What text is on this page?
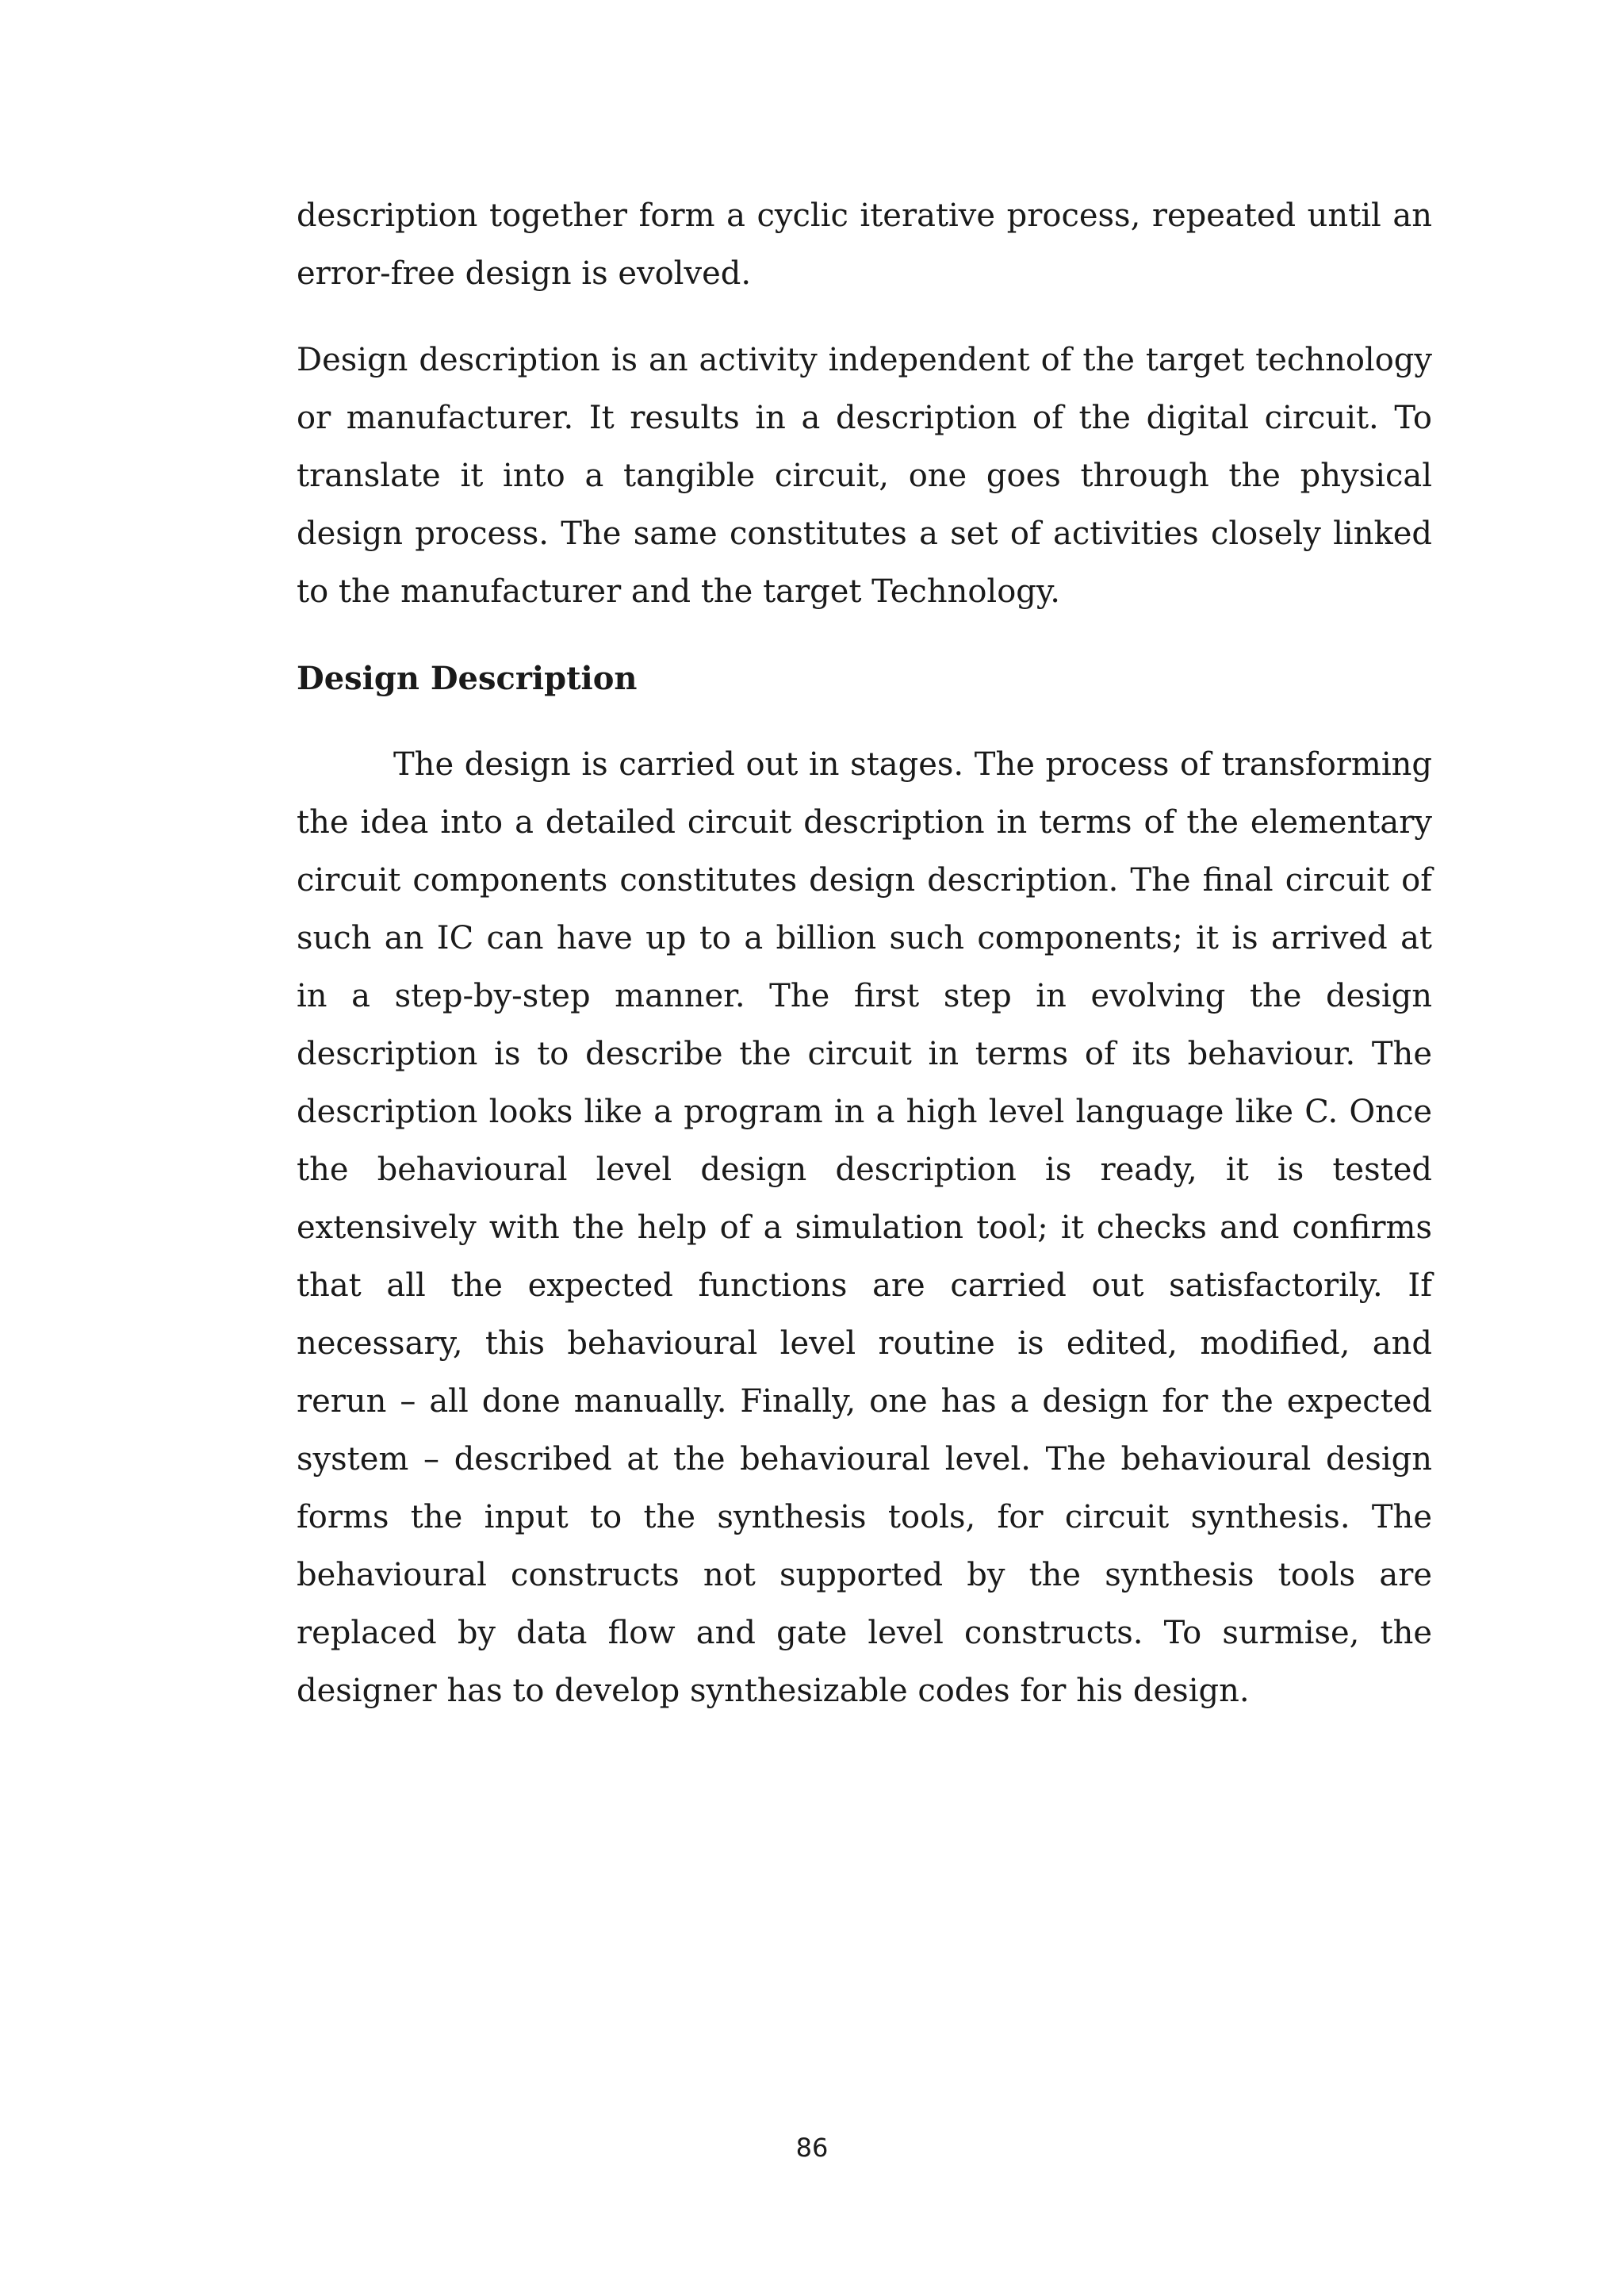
description together form a cyclic iterative process, repeated until an error-free design is evolved.

Design description is an activity independent of the target technology or manufacturer. It results in a description of the digital circuit. To translate it into a tangible circuit, one goes through the physical design process. The same constitutes a set of activities closely linked to the manufacturer and the target Technology.

Design Description

The design is carried out in stages. The process of transforming the idea into a detailed circuit description in terms of the elementary circuit components constitutes design description. The final circuit of such an IC can have up to a billion such components; it is arrived at in a step-by-step manner. The first step in evolving the design description is to describe the circuit in terms of its behaviour. The description looks like a program in a high level language like C. Once the behavioural level design description is ready, it is tested extensively with the help of a simulation tool; it checks and confirms that all the expected functions are carried out satisfactorily. If necessary, this behavioural level routine is edited, modified, and rerun – all done manually. Finally, one has a design for the expected system – described at the behavioural level. The behavioural design forms the input to the synthesis tools, for circuit synthesis. The behavioural constructs not supported by the synthesis tools are replaced by data flow and gate level constructs. To surmise, the designer has to develop synthesizable codes for his design.

86
